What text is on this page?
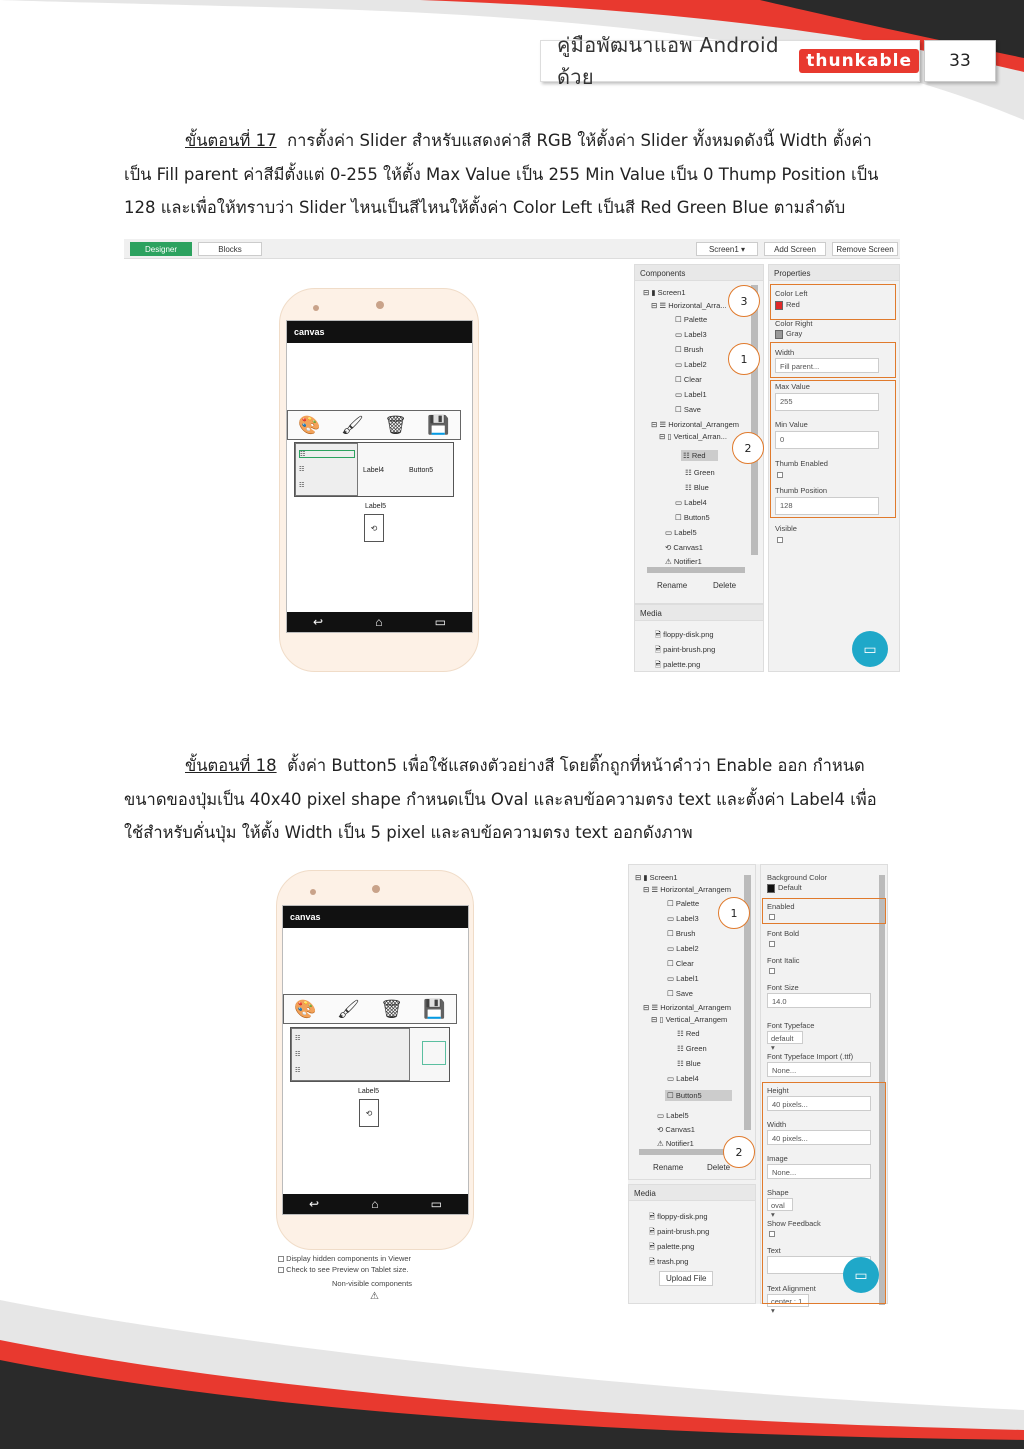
คู่มือพัฒนาแอพ Android ด้วย
thunkable	33
ขั้นตอนที่ 17 การตั้งค่า Slider สำหรับแสดงค่าสี RGB ให้ตั้งค่า Slider ทั้งหมดดังนี้ Width ตั้งค่า
เป็น Fill parent ค่าสีมีตั้งแต่ 0-255 ให้ตั้ง Max Value เป็น 255 Min Value เป็น 0 Thump Position เป็น
128 และเพื่อให้ทราบว่า Slider ไหนเป็นสีไหนให้ตั้งค่า Color Left เป็นสี Red Green Blue ตามลำดับ
Designer	Blocks	Screen1 ▾	Add Screen	Remove Screen
canvas
🎨 🖌 🗑 💾
☷
☷
☷
Label4	Button5
Label5
⟲
↩	⌂	▭
Components
⊟ ▮ Screen1
⊟ ☰ Horizontal_Arra...
☐ Palette
▭ Label3
☐ Brush
▭ Label2
☐ Clear
▭ Label1
☐ Save
⊟ ☰ Horizontal_Arrangem
⊟ ▯ Vertical_Arran...
☷ Red
☷ Green
☷ Blue
▭ Label4
☐ Button5
▭ Label5
⟲ Canvas1
⚠ Notifier1
Rename	Delete
Media
🖻 floppy-disk.png
🖻 paint-brush.png
🖻 palette.png
Properties
Color Left
Red
Color Right
Gray
Width
Fill parent...
Max Value
255
Min Value
0
Thumb Enabled
Thumb Position
128
Visible
▭
3
1
2
ขั้นตอนที่ 18 ตั้งค่า Button5 เพื่อใช้แสดงตัวอย่างสี โดยติ๊กถูกที่หน้าคำว่า Enable ออก กำหนด
ขนาดของปุ่มเป็น 40x40 pixel shape กำหนดเป็น Oval และลบข้อความตรง text และตั้งค่า Label4 เพื่อ
ใช้สำหรับคั่นปุ่ม ให้ตั้ง Width เป็น 5 pixel และลบข้อความตรง text ออกดังภาพ
canvas
🎨 🖌 🗑 💾
☷
☷
☷
Label5
⟲
↩	⌂	▭
Display hidden components in Viewer
Check to see Preview on Tablet size.
Non-visible components
⚠
⊟ ▮ Screen1
⊟ ☰ Horizontal_Arrangem
☐ Palette
▭ Label3
☐ Brush
▭ Label2
☐ Clear
▭ Label1
☐ Save
⊟ ☰ Horizontal_Arrangem
⊟ ▯ Vertical_Arrangem
☷ Red
☷ Green
☷ Blue
▭ Label4
☐ Button5
▭ Label5
⟲ Canvas1
⚠ Notifier1
Rename	Delete
Media
🖻 floppy-disk.png
🖻 paint-brush.png
🖻 palette.png
🖻 trash.png
Upload File
Background Color
Default
Enabled
Font Bold
Font Italic
Font Size
14.0
Font Typeface
default ▾
Font Typeface Import (.ttf)
None...
Height
40 pixels...
Width
40 pixels...
Image
None...
Shape
oval ▾
Show Feedback
Text
Text Alignment
center : 1 ▾
▭
1
2
